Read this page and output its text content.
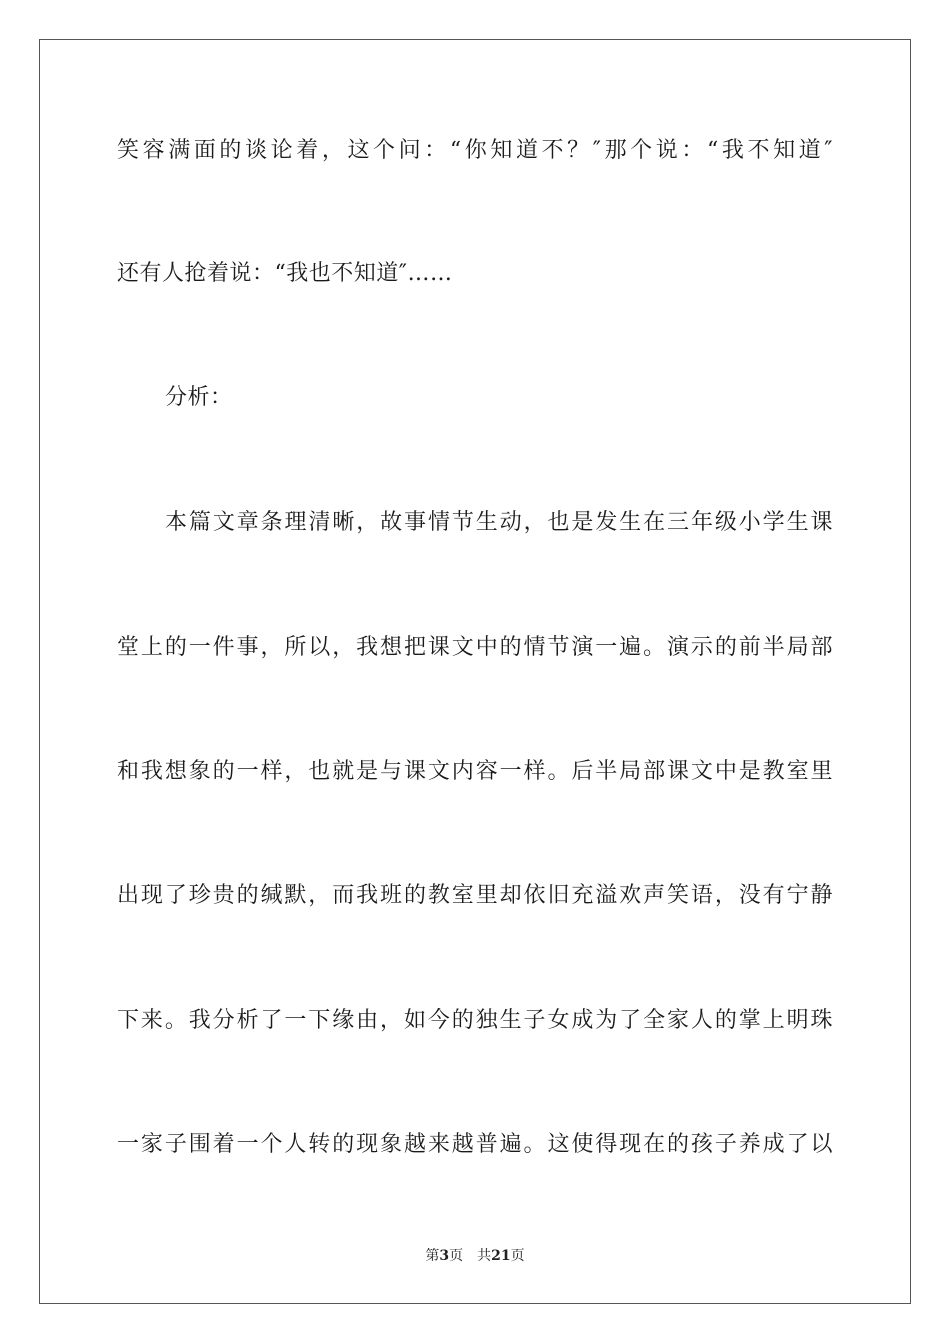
笑容满面的谈论着，这个问：“你知道不？″那个说：“我不知道″
还有人抢着说：“我也不知道″……
分析：
本篇文章条理清晰，故事情节生动，也是发生在三年级小学生课
堂上的一件事，所以，我想把课文中的情节演一遍。演示的前半局部
和我想象的一样，也就是与课文内容一样。后半局部课文中是教室里
出现了珍贵的缄默，而我班的教室里却依旧充溢欢声笑语，没有宁静
下来。我分析了一下缘由，如今的独生子女成为了全家人的掌上明珠
一家子围着一个人转的现象越来越普遍。这使得现在的孩子养成了以
第3页 共21页
